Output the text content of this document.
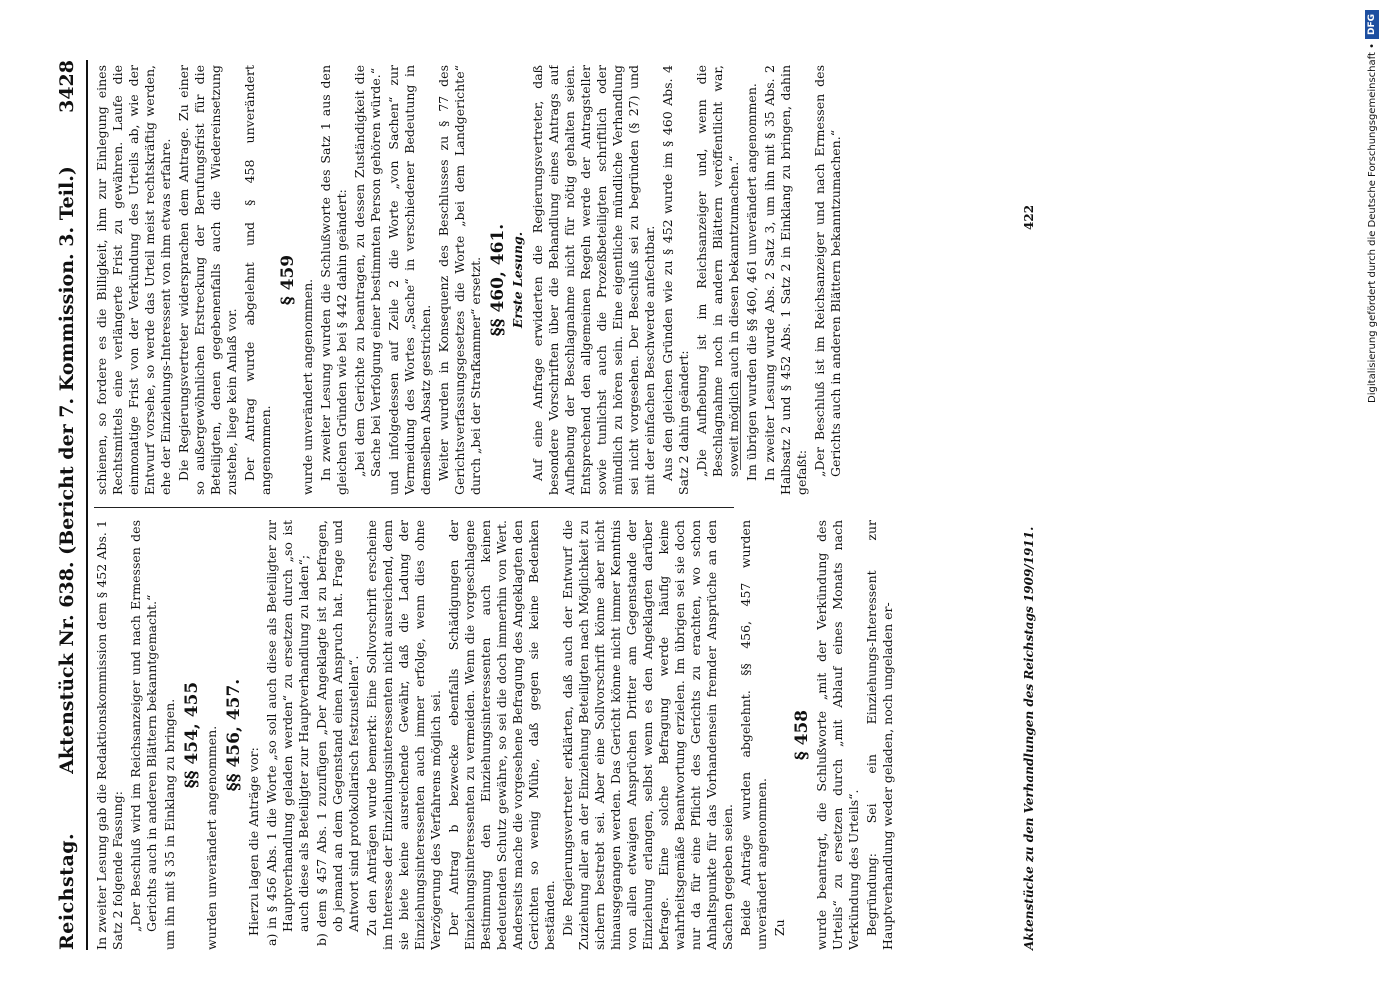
Reichstag.
Aktenstück Nr. 638. (Bericht der 7. Kommission. 3. Teil.)
3428

In zweiter Lesung gab die Redaktionskommission dem § 452 Abs. 1 Satz 2 folgende Fassung: „Der Beschluß wird im Reichsanzeiger und nach Ermessen des Gerichts auch in anderen Blättern bekanntgemacht.“ um ihn mit § 35 in Einklang zu bringen. §§ 454, 455 wurden unverändert angenommen. §§ 456, 457.

Hierzu lagen die Anträge vor: a) in § 456 Abs. 1 die Worte „so soll auch diese als Beteiligter zur Hauptverhandlung geladen werden“ zu ersetzen durch „so ist auch diese als Beteiligter zur Hauptverhandlung zu laden“; b) dem § 457 Abs. 1 zuzufügen „Der Angeklagte ist zu befragen, ob jemand an dem Gegenstand einen Anspruch hat. Frage und Antwort sind protokollarisch festzustellen“. Zu den Anträgen wurde bemerkt: Eine Sollvorschrift erscheine im Interesse der Einziehungsinteressenten nicht ausreichend, denn sie biete keine ausreichende Gewähr, daß die Ladung der Einziehungsinteressenten auch immer erfolge, wenn dies ohne Verzögerung des Verfahrens möglich sei. Der Antrag b bezwecke ebenfalls Schädigungen der Einziehungsinteressenten zu vermeiden. Wenn die vorgeschlagene Bestimmung den Einziehungsinteressenten auch keinen bedeutenden Schutz gewähre, so sei die doch immerhin von Wert. Anderseits mache die vorgesehene Befragung des Angeklagten den Gerichten so wenig Mühe, daß gegen sie keine Bedenken beständen. Die Regierungsvertreter erklärten, daß auch der Entwurf die Zuziehung aller an der Einziehung Beteiligten nach Möglichkeit zu sichern bestrebt sei. Aber eine Sollvorschrift könne aber nicht hinausgegangen werden. Das Gericht könne nicht immer Kenntnis von allen etwaigen Ansprüchen Dritter am Gegenstande der Einziehung erlangen, selbst wenn es den Angeklagten darüber befrage. Eine solche Befragung werde häufig keine wahrheitsgemäße Beantwortung erzielen. Im übrigen sei sie doch nur da für eine Pflicht des Gerichts zu erachten, wo schon Anhaltspunkte für das Vorhandensein fremder Ansprüche an den Sachen gegeben seien. Beide Anträge wurden abgelehnt. §§ 456, 457 wurden unverändert angenommen. Zu

§ 458 wurde beantragt, die Schlußworte „mit der Verkündung des Urteils“ zu ersetzen durch „mit Ablauf eines Monats nach Verkündung des Urteils“. Begründung: Sei ein Einziehungs-Interessent zur Hauptverhandlung weder geladen, noch ungeladen er-

schienen, so fordere es die Billigkeit, ihm zur Einlegung eines Rechtsmittels eine verlängerte Frist zu gewähren. Laufe die einmonatige Frist von der Verkündung des Urteils ab, wie der Entwurf vorsehe, so werde das Urteil meist rechtskräftig werden, ehe der Einziehungs-Interessent von ihm etwas erfahre. Die Regierungsvertreter widersprachen dem Antrage. Zu einer so außergewöhnlichen Erstreckung der Berufungsfrist für die Beteiligten, denen gegebenenfalls auch die Wiedereinsetzung zustehe, liege kein Anlaß vor. Der Antrag wurde abgelehnt und § 458 unverändert angenommen.

§ 459 wurde unverändert angenommen. In zweiter Lesung wurden die Schlußworte des Satz 1 aus den gleichen Gründen wie bei § 442 dahin geändert: „bei dem Gerichte zu beantragen, zu dessen Zuständigkeit die Sache bei Verfolgung einer bestimmten Person gehören würde.“ und infolgedessen auf Zeile 2 die Worte „von Sachen“ zur Vermeidung des Wortes „Sache“ in verschiedener Bedeutung in demselben Absatz gestrichen. Weiter wurden in Konsequenz des Beschlusses zu § 77 des Gerichtsverfassungsgesetzes die Worte „bei dem Landgerichte“ durch „bei der Strafkammer“ ersetzt. §§ 460, 461. Erste Lesung. Auf eine Anfrage erwiderten die Regierungsvertreter, daß besondere Vorschriften über die Behandlung eines Antrags auf Aufhebung der Beschlagnahme nicht für nötig gehalten seien. Entsprechend den allgemeinen Regeln werde der Antragsteller sowie tunlichst auch die Prozeßbeteiligten schriftlich oder mündlich zu hören sein. Eine eigentliche mündliche Verhandlung sei nicht vorgesehen. Der Beschluß sei zu begründen (§ 27) und mit der einfachen Beschwerde anfechtbar. Aus den gleichen Gründen wie zu § 452 wurde im § 460 Abs. 4 Satz 2 dahin geändert: „Die Aufhebung ist im Reichsanzeiger und, wenn die Beschlagnahme noch in andern Blättern veröffentlicht war, soweit möglich auch in diesen bekanntzumachen.“ Im übrigen wurden die §§ 460, 461 unverändert angenommen. In zweiter Lesung wurde Abs. 2 Satz 3, um ihn mit § 35 Abs. 2 Halbsatz 2 und § 452 Abs. 1 Satz 2 in Einklang zu bringen, dahin gefaßt: „Der Beschluß ist im Reichsanzeiger und nach Ermessen des Gerichts auch in anderen Blättern bekanntzumachen.“

Aktenstücke zu den Verhandlungen des Reichstags 1909/1911.
422	Digitalisierung gefördert durch die Deutsche Forschungsgemeinschaft •
DFG
